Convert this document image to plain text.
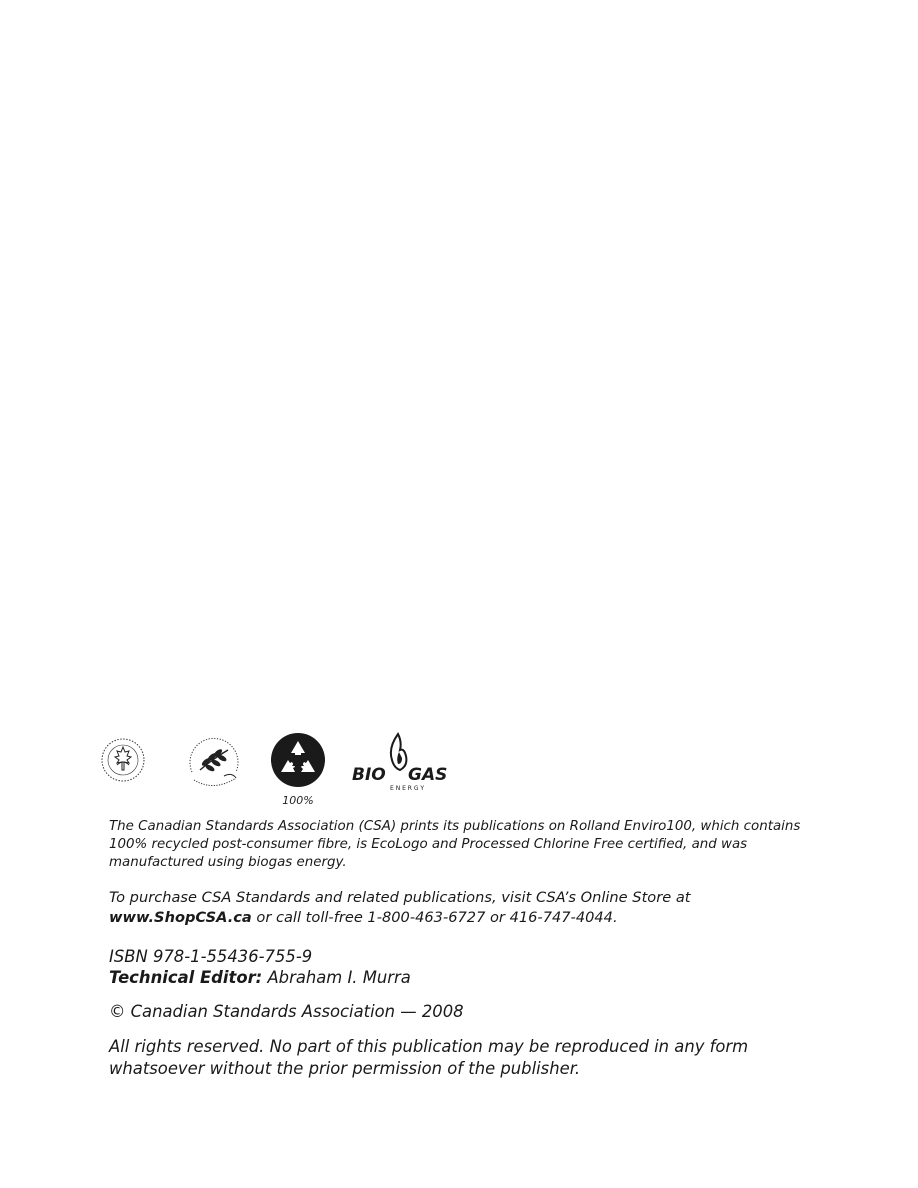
100%
BIO GAS
E N E R G Y

The Canadian Standards Association (CSA) prints its publications on Rolland Enviro100, which contains 100% recycled post-consumer fibre, is EcoLogo and Processed Chlorine Free certified, and was manufactured using biogas energy.

To purchase CSA Standards and related publications, visit CSA’s Online Store at www.ShopCSA.ca or call toll-free 1-800-463-6727 or 416-747-4044.

ISBN 978-1-55436-755-9

Technical Editor: Abraham I. Murra

© Canadian Standards Association — 2008

All rights reserved. No part of this publication may be reproduced in any form whatsoever without the prior permission of the publisher.
